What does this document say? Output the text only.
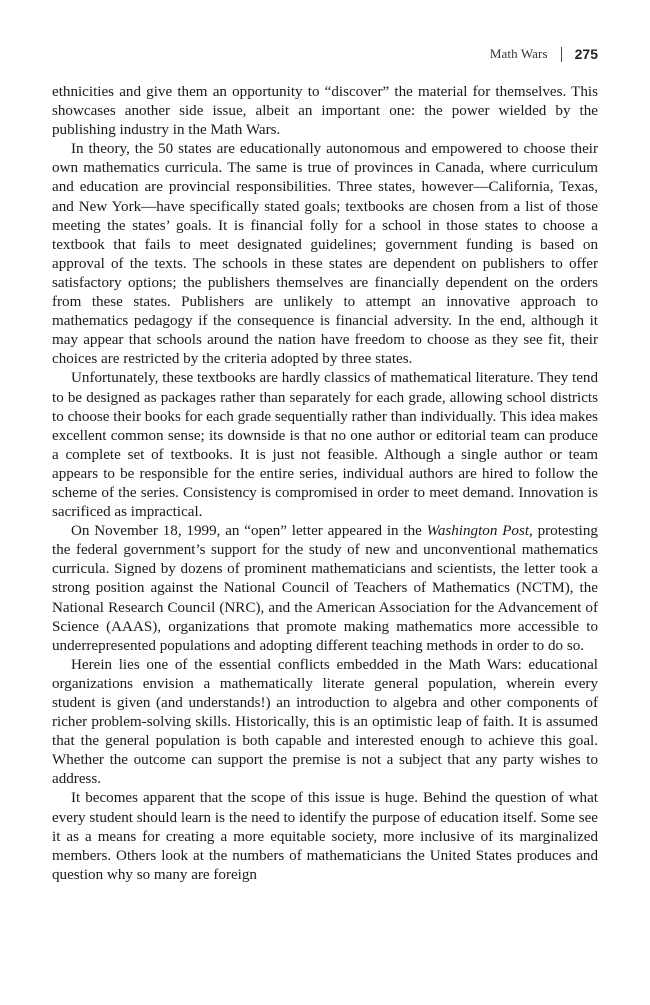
Math Wars 275

ethnicities and give them an opportunity to “discover” the material for themselves. This showcases another side issue, albeit an important one: the power wielded by the publishing industry in the Math Wars.

In theory, the 50 states are educationally autonomous and empowered to choose their own mathematics curricula. The same is true of provinces in Canada, where curriculum and education are provincial responsibilities. Three states, however—California, Texas, and New York—have specifically stated goals; textbooks are chosen from a list of those meeting the states’ goals. It is financial folly for a school in those states to choose a textbook that fails to meet designated guidelines; government funding is based on approval of the texts. The schools in these states are dependent on publishers to offer satisfactory options; the publishers themselves are financially dependent on the orders from these states. Publishers are unlikely to attempt an innovative approach to mathematics pedagogy if the consequence is financial adversity. In the end, although it may appear that schools around the nation have freedom to choose as they see fit, their choices are restricted by the criteria adopted by three states.

Unfortunately, these textbooks are hardly classics of mathematical literature. They tend to be designed as packages rather than separately for each grade, allowing school districts to choose their books for each grade sequentially rather than individually. This idea makes excellent common sense; its downside is that no one author or editorial team can produce a complete set of textbooks. It is just not feasible. Although a single author or team appears to be responsible for the entire series, individual authors are hired to follow the scheme of the series. Consistency is compromised in order to meet demand. Innovation is sacrificed as impractical.

On November 18, 1999, an “open” letter appeared in the Washington Post, protesting the federal government’s support for the study of new and unconventional mathematics curricula. Signed by dozens of prominent mathematicians and scientists, the letter took a strong position against the National Council of Teachers of Mathematics (NCTM), the National Research Council (NRC), and the American Association for the Advancement of Science (AAAS), organizations that promote making mathematics more accessible to underrepresented populations and adopting different teaching methods in order to do so.

Herein lies one of the essential conflicts embedded in the Math Wars: educational organizations envision a mathematically literate general population, wherein every student is given (and understands!) an introduction to algebra and other components of richer problem-solving skills. Historically, this is an optimistic leap of faith. It is assumed that the general population is both capable and interested enough to achieve this goal. Whether the outcome can support the premise is not a subject that any party wishes to address.

It becomes apparent that the scope of this issue is huge. Behind the question of what every student should learn is the need to identify the purpose of education itself. Some see it as a means for creating a more equitable society, more inclusive of its marginalized members. Others look at the numbers of mathematicians the United States produces and question why so many are foreign
